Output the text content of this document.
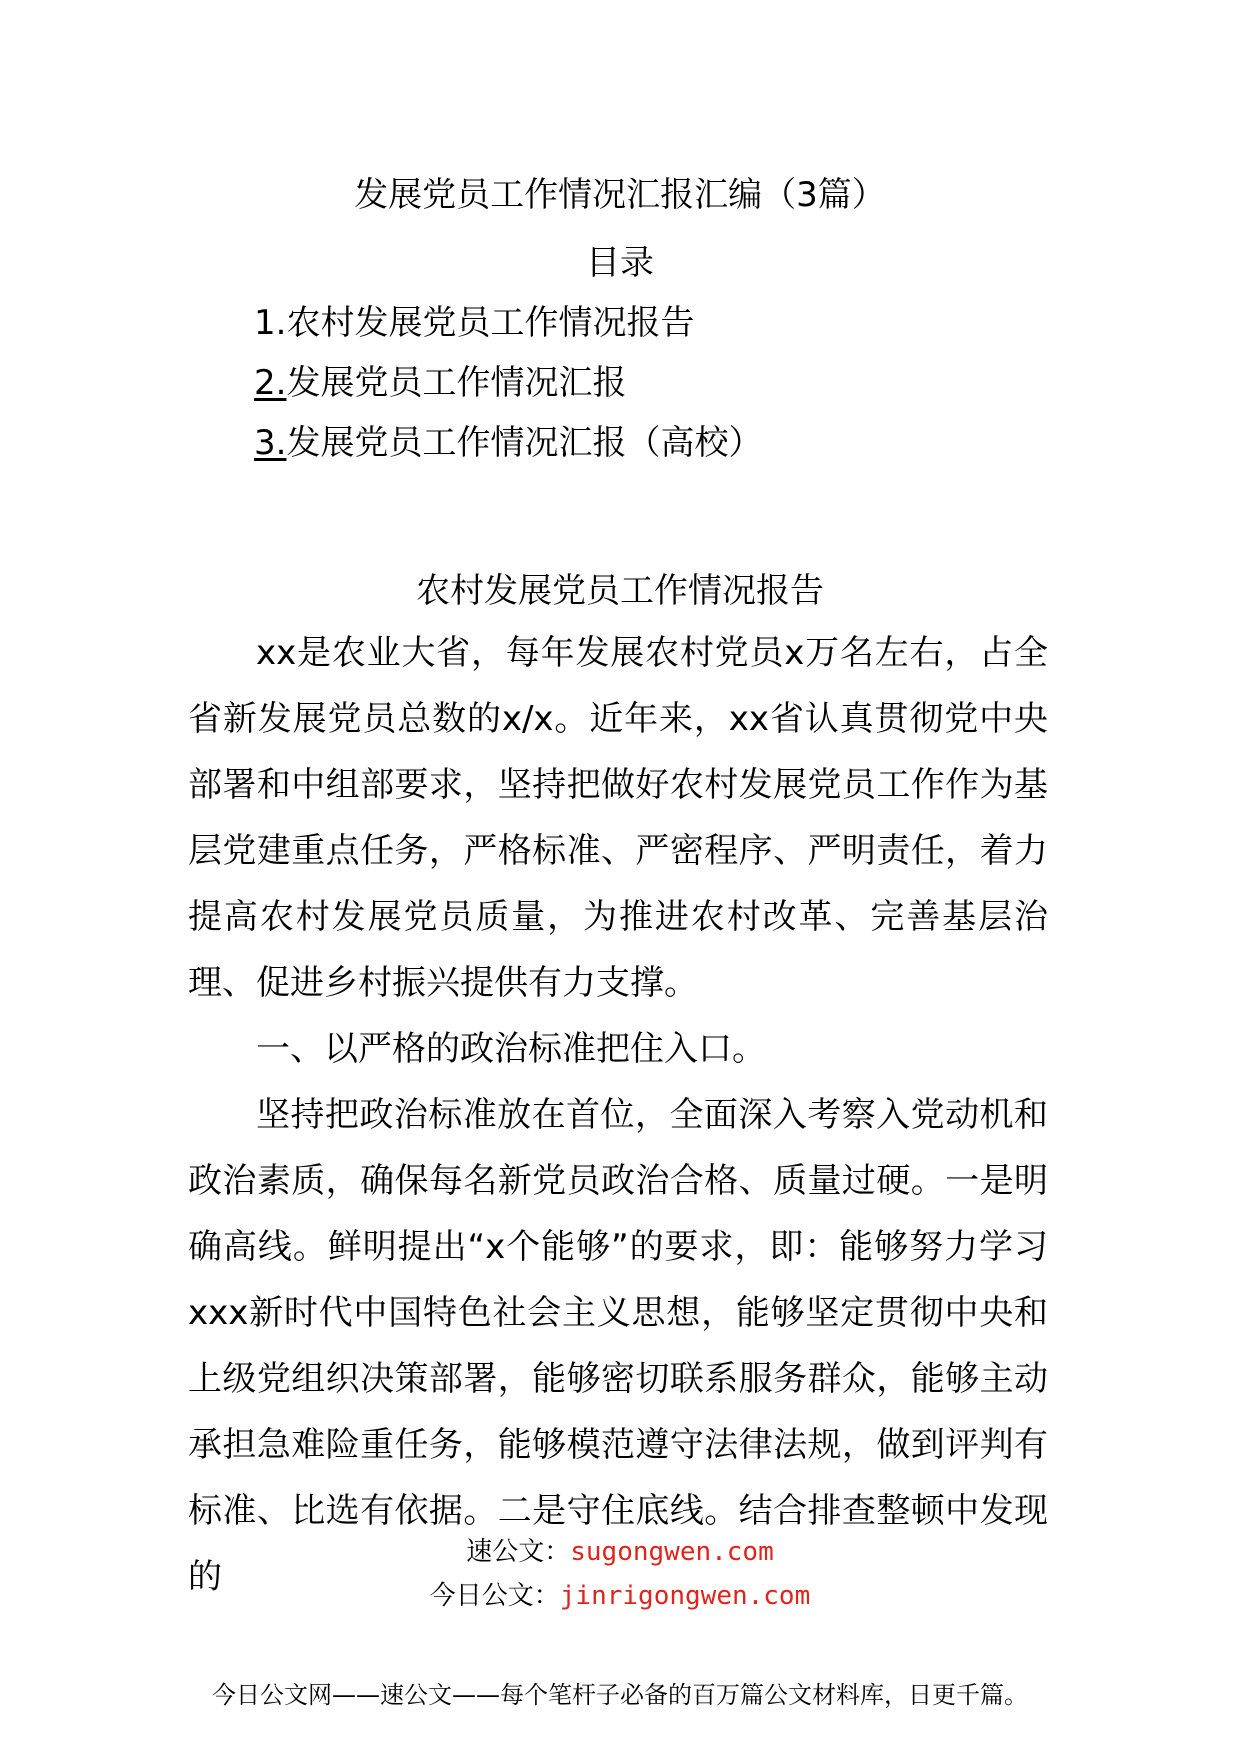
发展党员工作情况汇报汇编（3篇）
目录
1.农村发展党员工作情况报告
2.发展党员工作情况汇报
3.发展党员工作情况汇报（高校）
农村发展党员工作情况报告

xx是农业大省，每年发展农村党员x万名左右，占全省新发展党员总数的x/x。近年来，xx省认真贯彻党中央部署和中组部要求，坚持把做好农村发展党员工作作为基层党建重点任务，严格标准、严密程序、严明责任，着力提高农村发展党员质量，为推进农村改革、完善基层治理、促进乡村振兴提供有力支撑。

一、以严格的政治标准把住入口。

坚持把政治标准放在首位，全面深入考察入党动机和政治素质，确保每名新党员政治合格、质量过硬。一是明确高线。鲜明提出“x个能够”的要求，即：能够努力学习xxx新时代中国特色社会主义思想，能够坚定贯彻中央和上级党组织决策部署，能够密切联系服务群众，能够主动承担急难险重任务，能够模范遵守法律法规，做到评判有标准、比选有依据。二是守住底线。结合排查整顿中发现的

速公文：sugongwen.com
今日公文：jinrigongwen.com
今日公文网——速公文——每个笔杆子必备的百万篇公文材料库，日更千篇。
